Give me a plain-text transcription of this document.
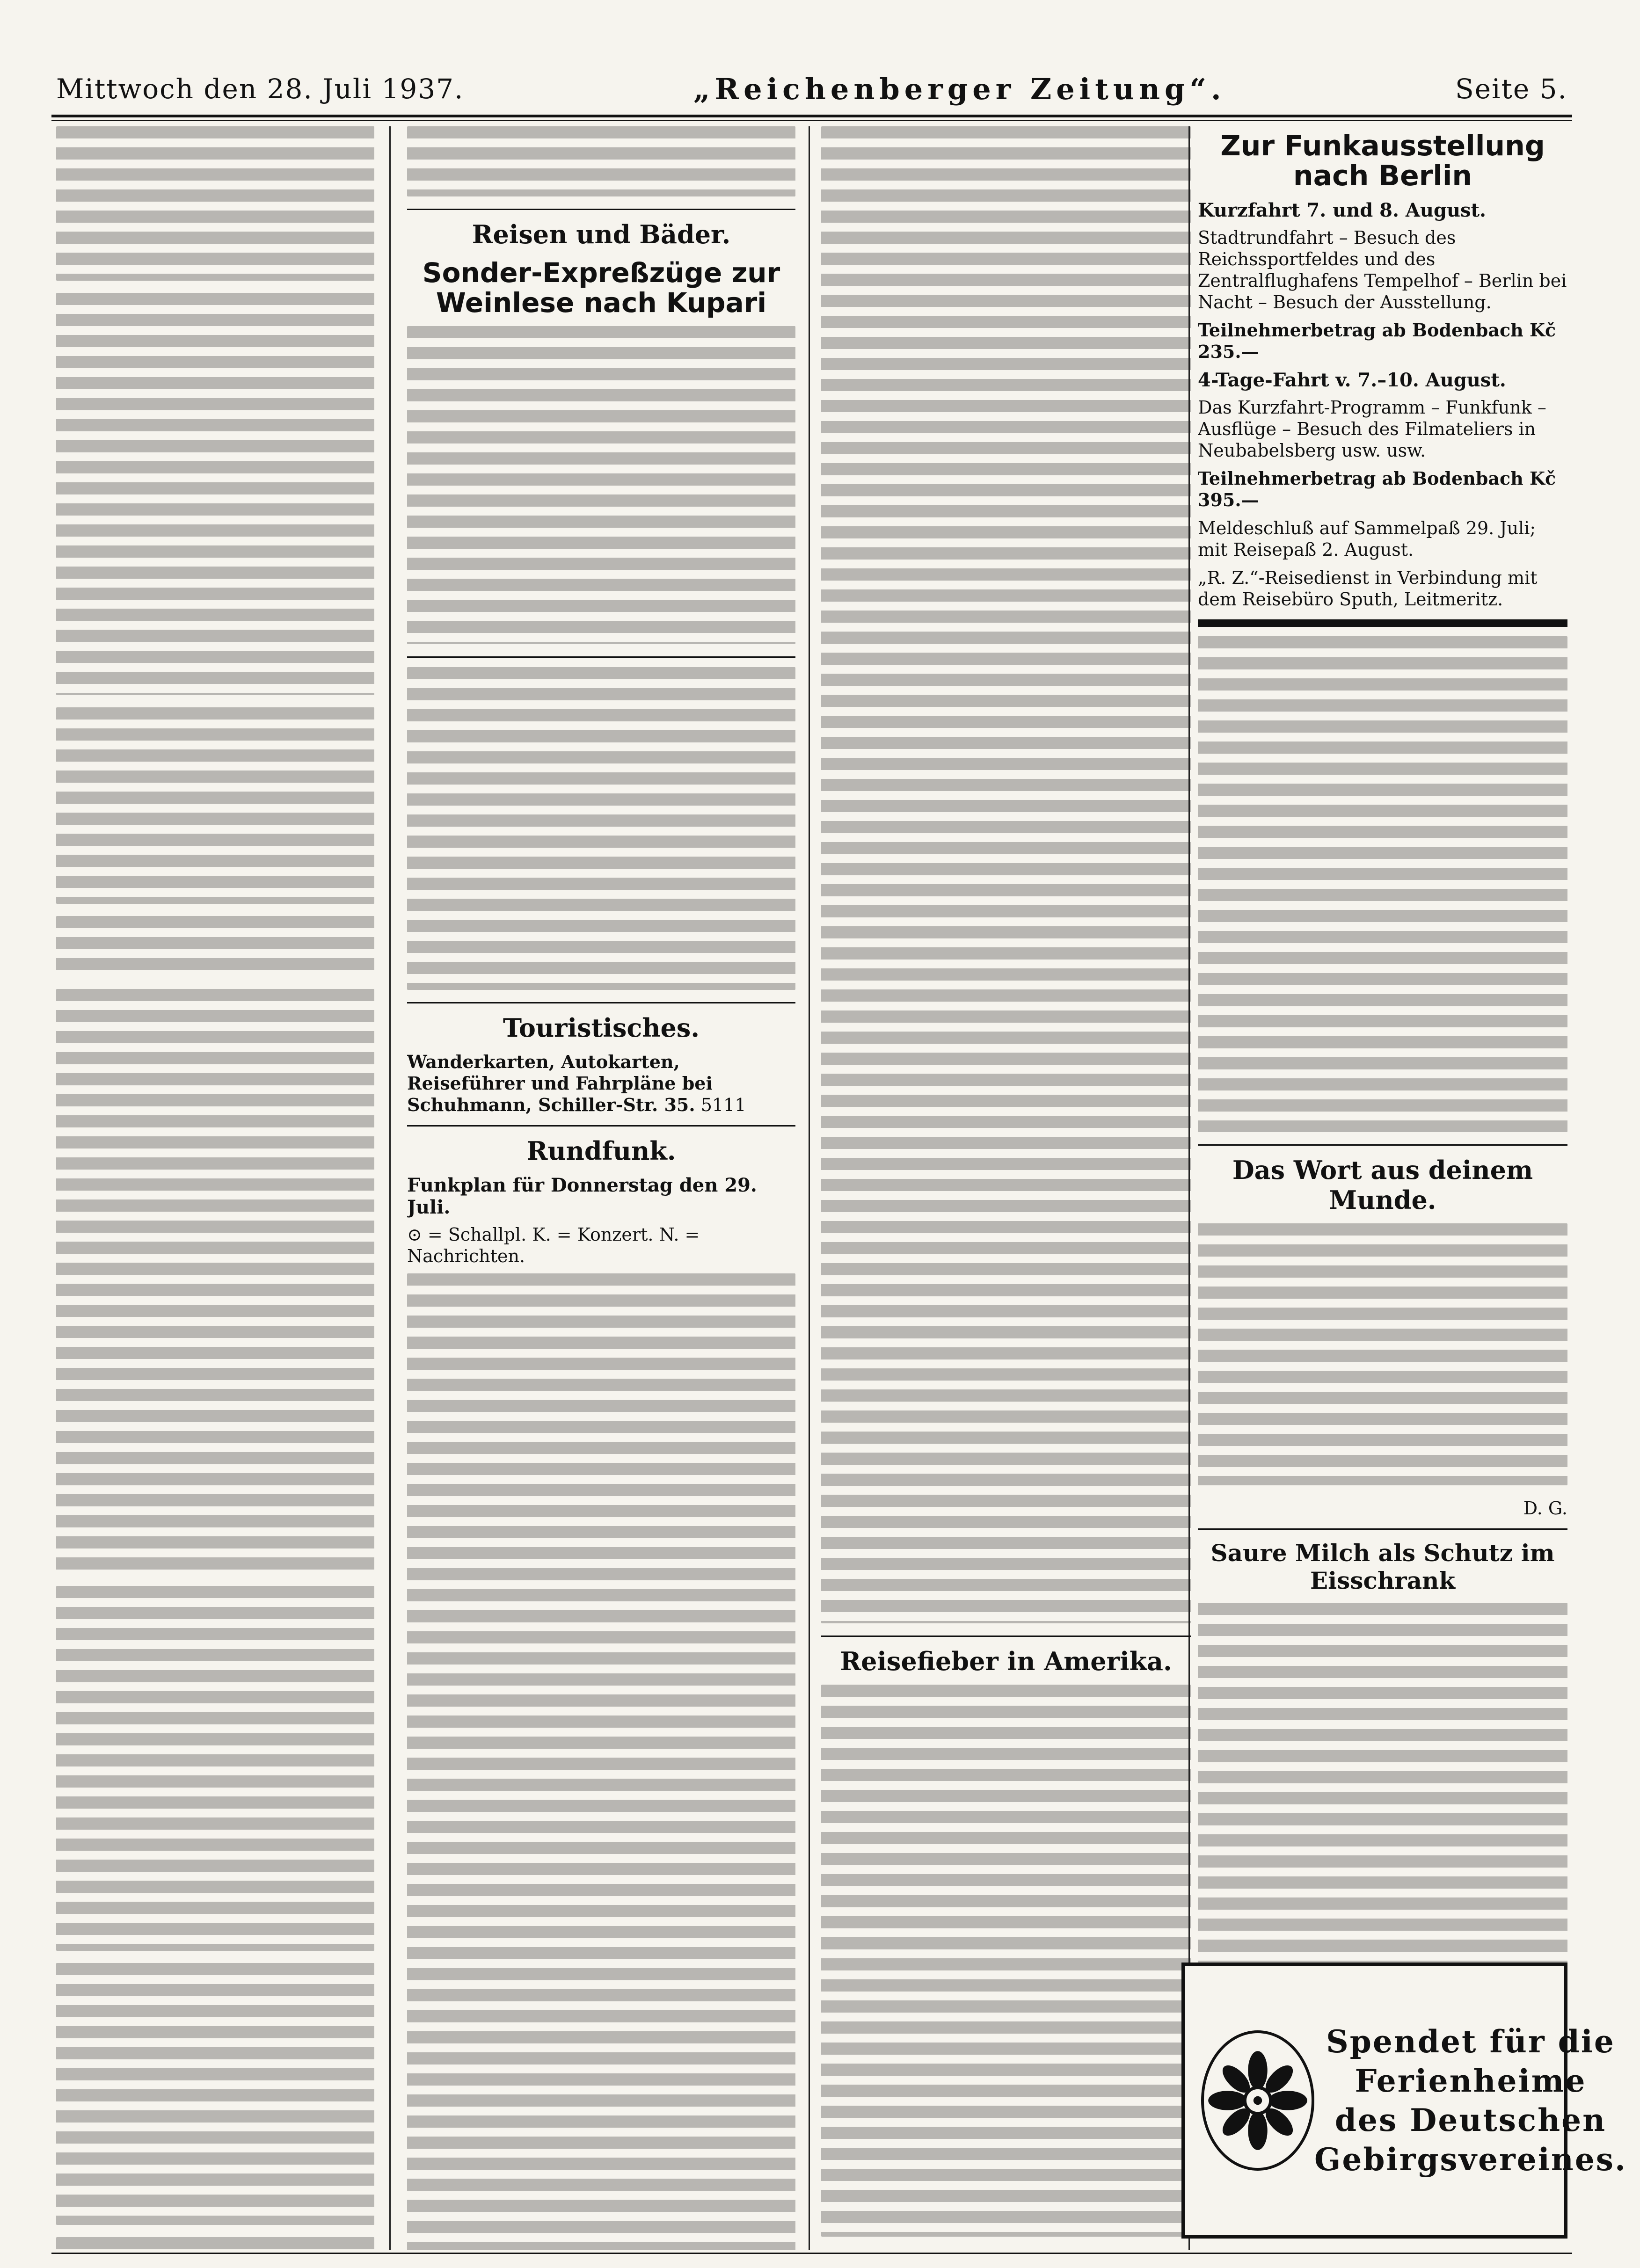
Mittwoch den 28. Juli 1937.	„Reichenberger Zeitung“.	Seite 5.
Reisen und Bäder.
Sonder-Expreßzüge zur Weinlese nach Kupari
Touristisches.
Wanderkarten, Autokarten, Reiseführer und Fahrpläne bei Schuhmann, Schiller-Str. 35. 5111
Rundfunk.
Funkplan für Donnerstag den 29. Juli.
⊙ = Schallpl. K. = Konzert. N. = Nachrichten.
Reisefieber in Amerika.
Zur Funkausstellung nach Berlin
Kurzfahrt 7. und 8. August.
Stadtrundfahrt – Besuch des Reichssportfeldes und des Zentralflughafens Tempelhof – Berlin bei Nacht – Besuch der Ausstellung.
Teilnehmerbetrag ab Bodenbach Kč 235.—
4-Tage-Fahrt v. 7.–10. August.
Das Kurzfahrt-Programm – Funkfunk – Ausflüge – Besuch des Filmateliers in Neubabelsberg usw. usw.
Teilnehmerbetrag ab Bodenbach Kč 395.—
Meldeschluß auf Sammelpaß 29. Juli; mit Reisepaß 2. August.
„R. Z.“-Reisedienst in Verbindung mit dem Reisebüro Sputh, Leitmeritz.
Das Wort aus deinem Munde.
D. G.
Saure Milch als Schutz im Eisschrank
Spendet für die
Ferienheime
des Deutschen
Gebirgsvereines.
